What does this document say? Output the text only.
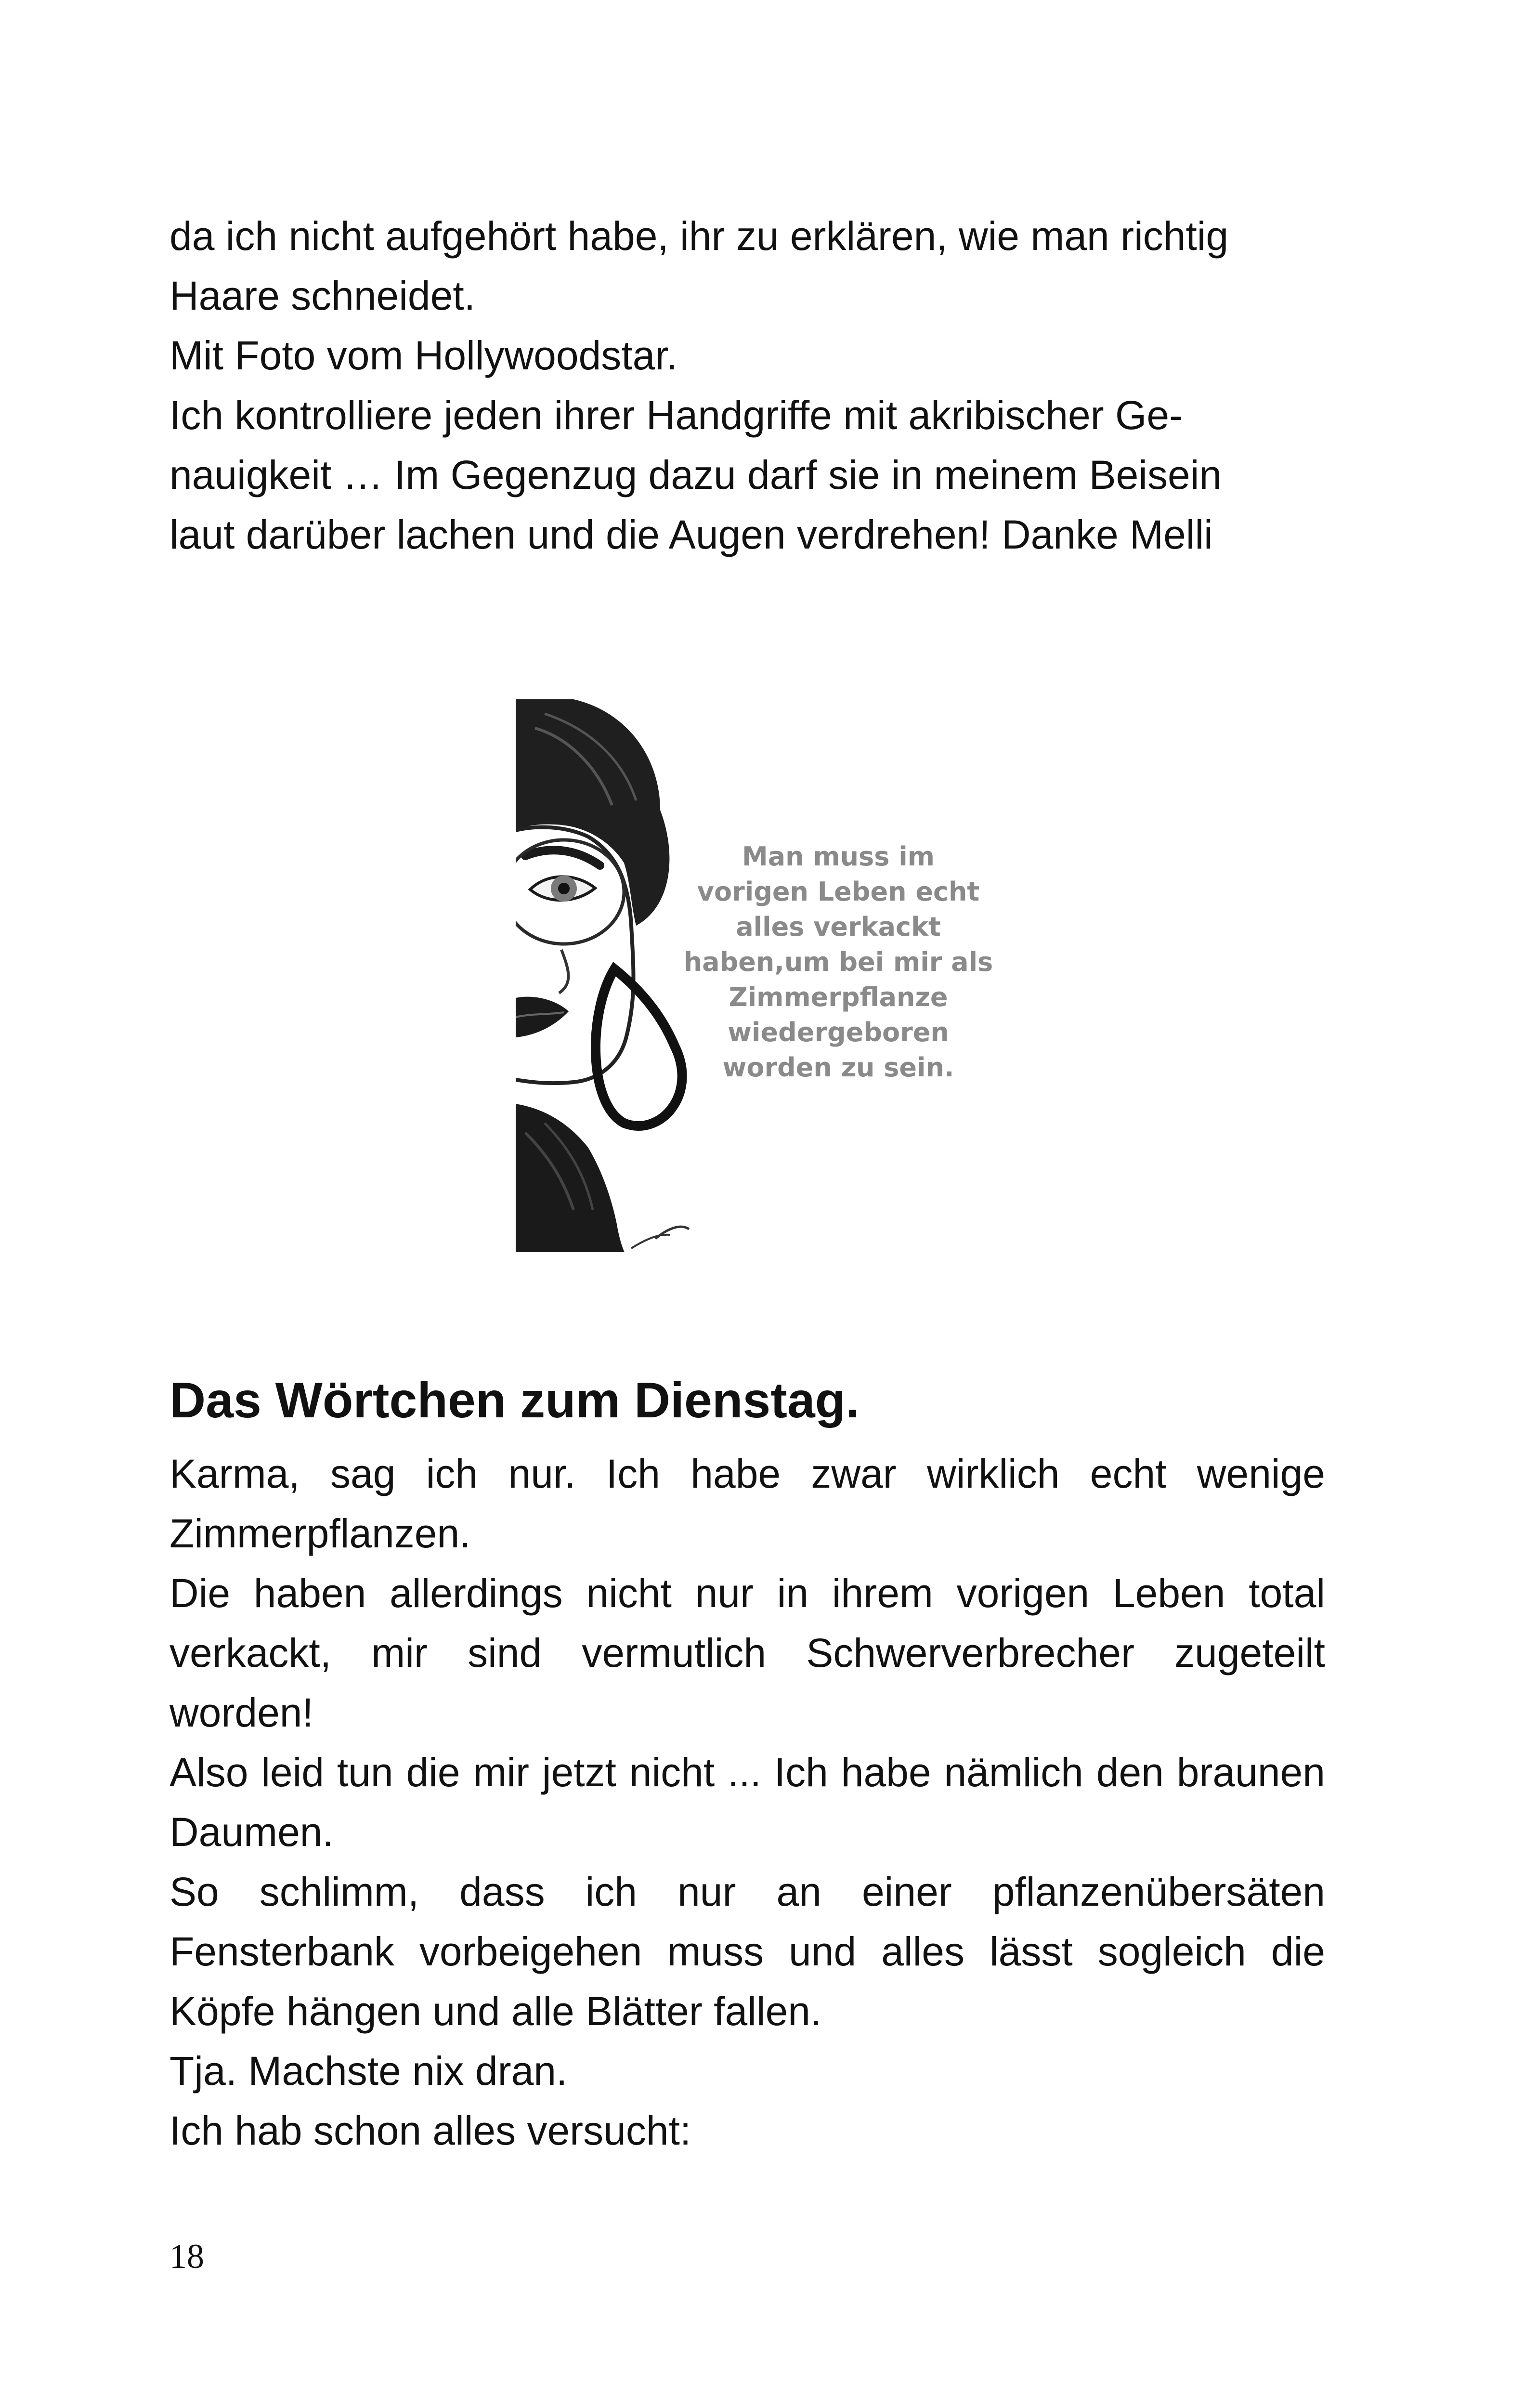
da ich nicht aufgehört habe, ihr zu erklären, wie man richtig

Haare schneidet.

Mit Foto vom Hollywoodstar.

Ich kontrolliere jeden ihrer Handgriffe mit akribischer Ge-

nauigkeit … Im Gegenzug dazu darf sie in meinem Beisein

laut darüber lachen und die Augen verdrehen! Danke Melli

Man muss im
vorigen Leben echt
alles verkackt
haben,um bei mir als
Zimmerpflanze
wiedergeboren
worden zu sein.
Das Wörtchen zum Dienstag.

Karma, sag ich nur. Ich habe zwar wirklich echt wenige Zimmerpflanzen.

Die haben allerdings nicht nur in ihrem vorigen Leben total verkackt, mir sind vermutlich Schwerverbrecher zugeteilt worden!

Also leid tun die mir jetzt nicht ... Ich habe nämlich den braunen Daumen.

So schlimm, dass ich nur an einer pflanzenübersäten Fensterbank vorbeigehen muss und alles lässt sogleich die Köpfe hängen und alle Blätter fallen.

Tja. Machste nix dran.

Ich hab schon alles versucht:

18
